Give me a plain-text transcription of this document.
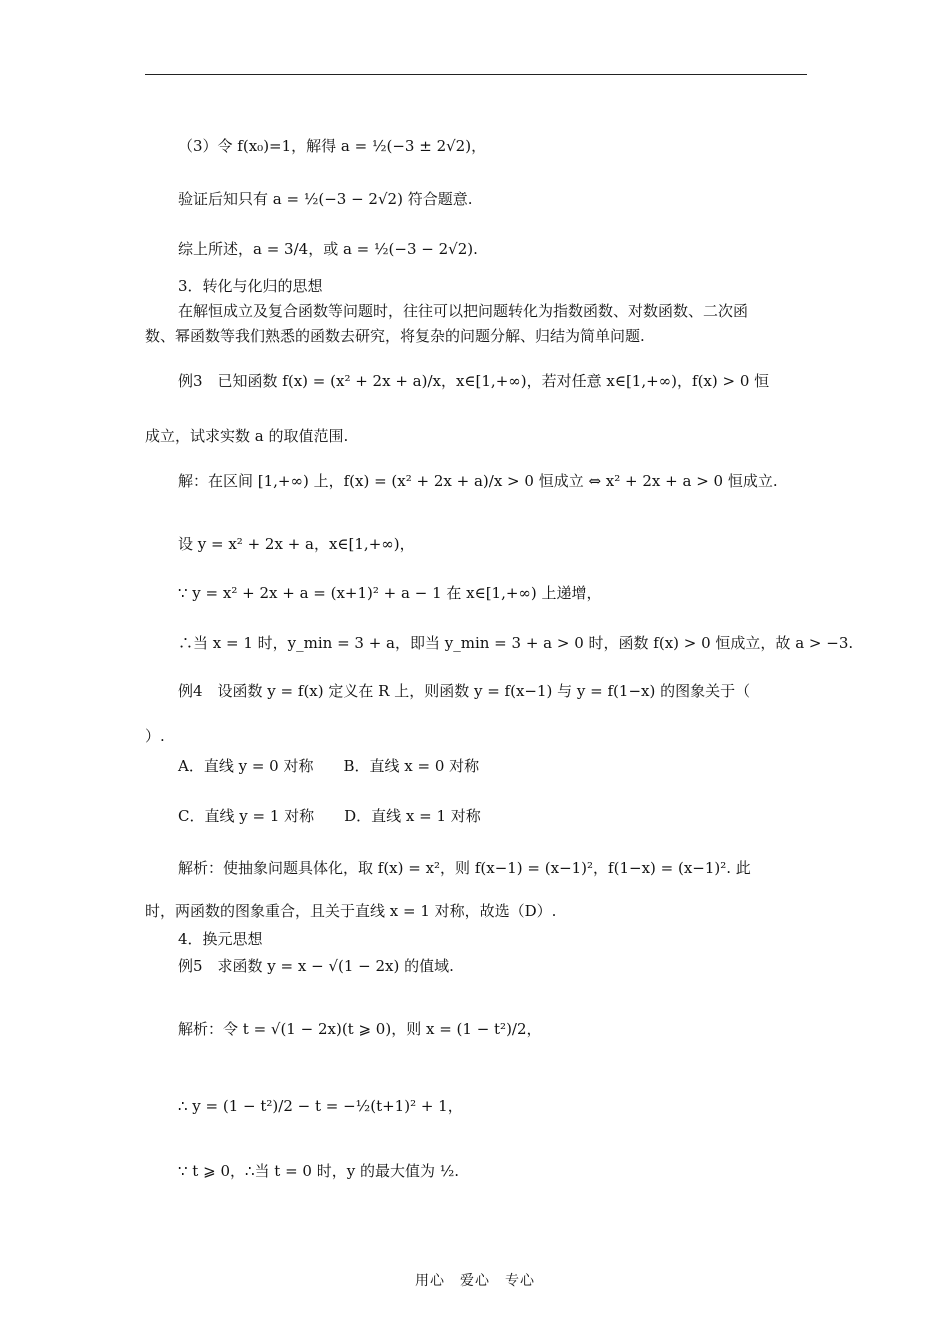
（3）令 f(x₀)=1，解得 a = ½(−3 ± 2√2)，
验证后知只有 a = ½(−3 − 2√2) 符合题意.
综上所述，a = 3/4，或 a = ½(−3 − 2√2).
3．转化与化归的思想
在解恒成立及复合函数等问题时，往往可以把问题转化为指数函数、对数函数、二次函
数、幂函数等我们熟悉的函数去研究，将复杂的问题分解、归结为简单问题.
例3　已知函数 f(x) = (x² + 2x + a)/x，x∈[1,+∞)，若对任意 x∈[1,+∞)，f(x) > 0 恒
成立，试求实数 a 的取值范围.
解：在区间 [1,+∞) 上，f(x) = (x² + 2x + a)/x > 0 恒成立 ⇔ x² + 2x + a > 0 恒成立.
设 y = x² + 2x + a，x∈[1,+∞)，
∵ y = x² + 2x + a = (x+1)² + a − 1 在 x∈[1,+∞) 上递增，
∴当 x = 1 时，y_min = 3 + a，即当 y_min = 3 + a > 0 时，函数 f(x) > 0 恒成立，故 a > −3.
例4　设函数 y = f(x) 定义在 R 上，则函数 y = f(x−1) 与 y = f(1−x) 的图象关于（
）.
A．直线 y = 0 对称　　B．直线 x = 0 对称
C．直线 y = 1 对称　　D．直线 x = 1 对称
解析：使抽象问题具体化，取 f(x) = x²，则 f(x−1) = (x−1)²，f(1−x) = (x−1)². 此
时，两函数的图象重合，且关于直线 x = 1 对称，故选（D）.
4．换元思想
例5　求函数 y = x − √(1 − 2x) 的值域.
解析：令 t = √(1 − 2x)(t ⩾ 0)，则 x = (1 − t²)/2，
∴ y = (1 − t²)/2 − t = −½(t+1)² + 1，
∵ t ⩾ 0，∴当 t = 0 时，y 的最大值为 ½.
用心　爱心　专心
